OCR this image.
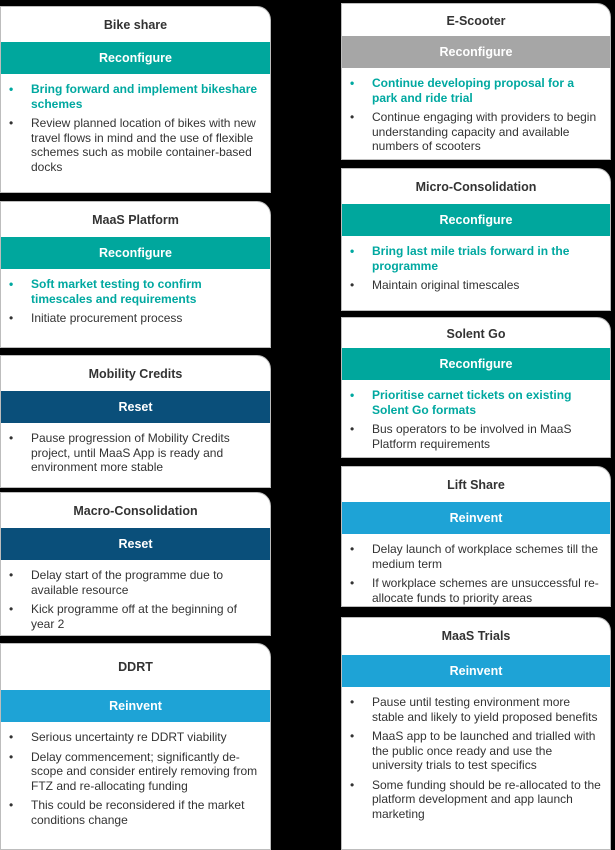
Bike share
Reconfigure
• Bring forward and implement bikeshare schemes
• Review planned location of bikes with new travel flows in mind and the use of flexible schemes such as mobile container-based docks
MaaS Platform
Reconfigure
• Soft market testing to confirm timescales and requirements
• Initiate procurement process
Mobility Credits
Reset
• Pause progression of Mobility Credits project, until MaaS App is ready and environment more stable
Macro-Consolidation
Reset
• Delay start of the programme due to available resource
• Kick programme off at the beginning of year 2
DDRT
Reinvent
• Serious uncertainty re DDRT viability
• Delay commencement; significantly de-scope and consider entirely removing from FTZ and re-allocating funding
• This could be reconsidered if the market conditions change
E-Scooter
Reconfigure
• Continue developing proposal for a park and ride trial
• Continue engaging with providers to begin understanding capacity and available numbers of scooters
Micro-Consolidation
Reconfigure
• Bring last mile trials forward in the programme
• Maintain original timescales
Solent Go
Reconfigure
• Prioritise carnet tickets on existing Solent Go formats
• Bus operators to be involved in MaaS Platform requirements
Lift Share
Reinvent
• Delay launch of workplace schemes till the medium term
• If workplace schemes are unsuccessful re-allocate funds to priority areas
MaaS Trials
Reinvent
• Pause until testing environment more stable and likely to yield proposed benefits
• MaaS app to be launched and trialled with the public once ready and use the university trials to test specifics
• Some funding should be re-allocated to the platform development and app launch marketing
